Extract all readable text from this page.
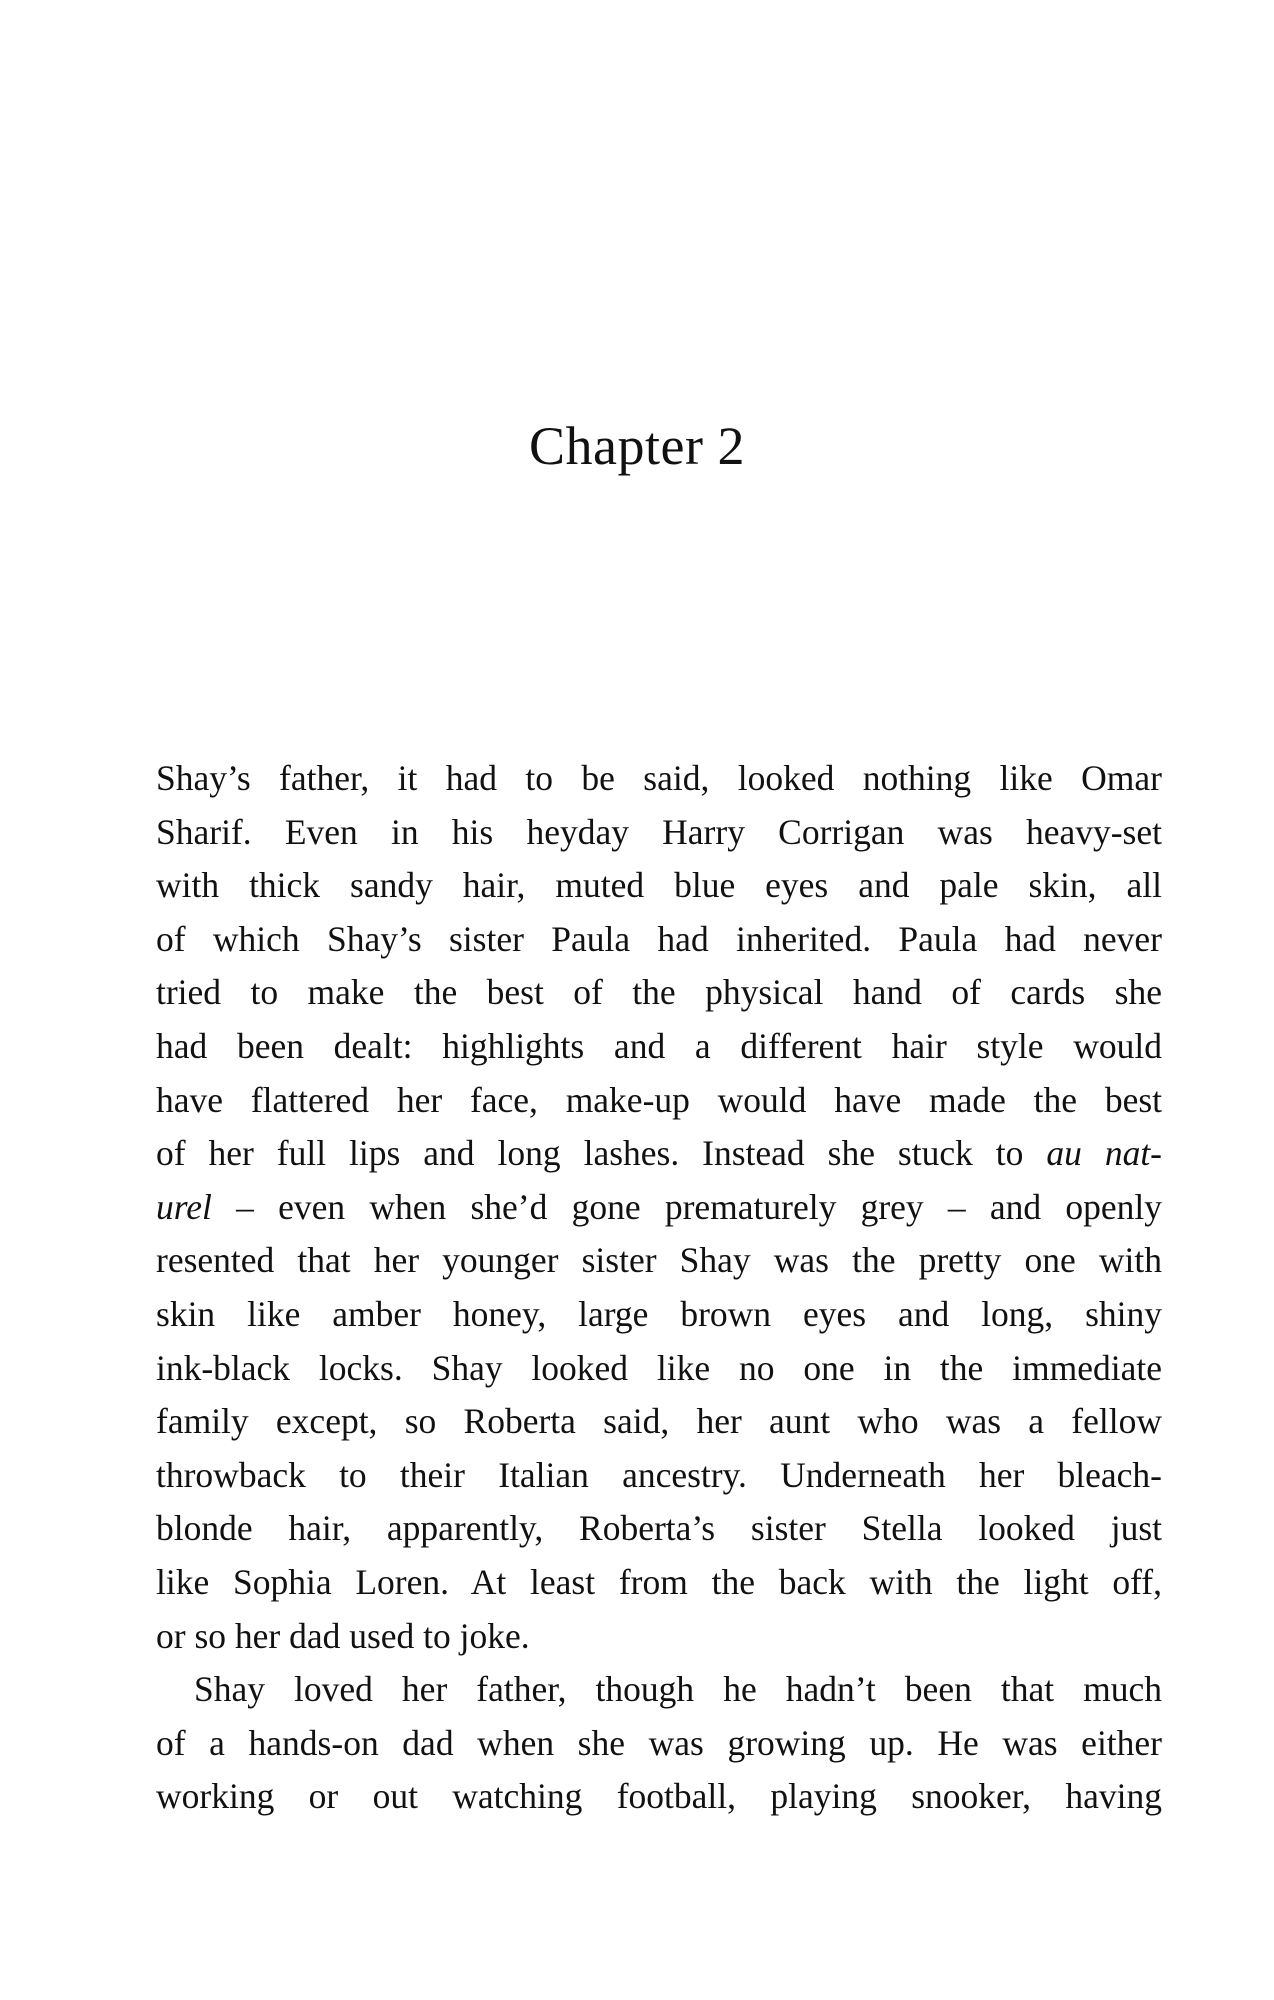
Chapter 2
Shay’s father, it had to be said, looked nothing like Omar
Sharif. Even in his heyday Harry Corrigan was heavy-set
with thick sandy hair, muted blue eyes and pale skin, all
of which Shay’s sister Paula had inherited. Paula had never
tried to make the best of the physical hand of cards she
had been dealt: highlights and a different hair style would
have flattered her face, make-up would have made the best
of her full lips and long lashes. Instead she stuck to au nat-
urel – even when she’d gone prematurely grey – and openly
resented that her younger sister Shay was the pretty one with
skin like amber honey, large brown eyes and long, shiny
ink-black locks. Shay looked like no one in the immediate
family except, so Roberta said, her aunt who was a fellow
throwback to their Italian ancestry. Underneath her bleach-
blonde hair, apparently, Roberta’s sister Stella looked just
like Sophia Loren. At least from the back with the light off,
or so her dad used to joke.
Shay loved her father, though he hadn’t been that much
of a hands-on dad when she was growing up. He was either
working or out watching football, playing snooker, having
